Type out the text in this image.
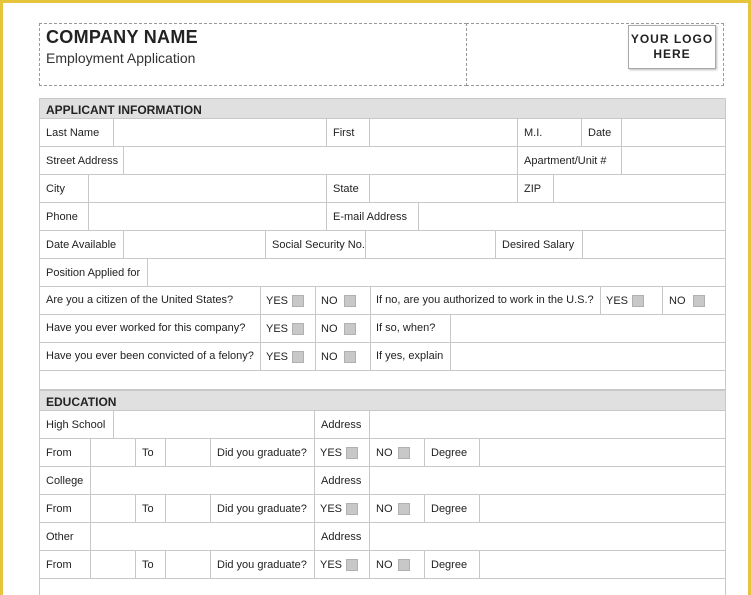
COMPANY NAME
Employment Application
YOUR LOGO
HERE
APPLICANT INFORMATION
Last Name	First	M.I.	Date
Street Address	Apartment/Unit #
City	State	ZIP
Phone	E-mail Address
Date Available	Social Security No.	Desired Salary
Position Applied for
Are you a citizen of the United States?	YES	NO	If no, are you authorized to work in the U.S.? YES	NO
Have you ever worked for this company? YES	NO	If so, when?
Have you ever been convicted of a felony? YES	NO	If yes, explain
EDUCATION
High School	Address
From	To	Did you graduate? YES	NO	Degree
College	Address
From	To	Did you graduate? YES	NO	Degree
Other	Address
From	To	Did you graduate? YES	NO	Degree
